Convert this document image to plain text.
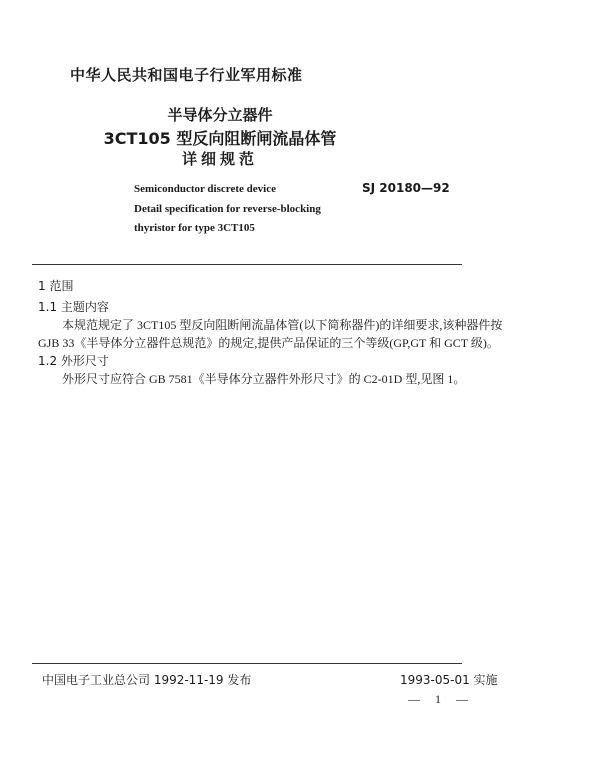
中华人民共和国电子行业军用标准
半导体分立器件
3CT105 型反向阻断闸流晶体管
详细规范
Semiconductor discrete device
Detail specification for reverse-blocking
thyristor for type 3CT105
SJ 20180—92
1 范围
1.1 主题内容
本规范规定了 3CT105 型反向阻断闸流晶体管(以下简称器件)的详细要求,该种器件按
GJB 33《半导体分立器件总规范》的规定,提供产品保证的三个等级(GP,GT 和 GCT 级)。
1.2 外形尺寸
外形尺寸应符合 GB 7581《半导体分立器件外形尺寸》的 C2-01D 型,见图 1。
中国电子工业总公司 1992-11-19 发布	1993-05-01 实施
— 1 —
